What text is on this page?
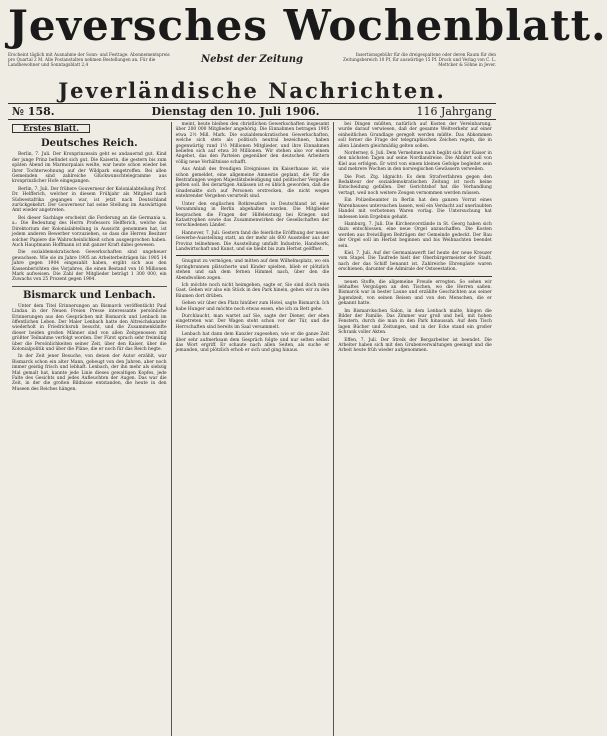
Jeversches Wochenblatt.
Erscheint täglich mit Ausnahme der Sonn- und Festtage. Abonnementspreis pro Quartal 2 M. Alle Postanstalten nehmen Bestellungen an. Für die Landbewohner und Sonntagsblatt 2,4	Nebst der Zeitung	Insertionsgebühr für die dreigespaltene oder deren Raum für den Zeitungsbereich 10 Pf, für auswärtige 15 Pf. Druck und Verlag von C. L. Mettcker & Söhne in Jever.
Jeverländische Nachrichten.
№ 158.	Dienstag den 10. Juli 1906.	116 Jahrgang
Erstes Blatt.
Deutsches Reich.

Berlin, 7. Juli. Der Kronprinzessin geht es andauernd gut. Kind der junge Prinz befindet sich gut. Die Kaiserin, die gestern bis zum späten Abend im Marmorpalais weilte, war heute schon wieder bei ihrer Tochterwohnung auf der Wildpark eingetroffen. Bei allen Gemeinden sind zahlreiche Glückwunschtelegramme aus kronprinzlicher Hofe eingegangen.

Berlin, 7. Juli. Der frühere Gouverneur der Kolonialabteilung Prof. Dr. Helfferich, welcher in diesem Frühjahr als Mitglied nach Südwestafrika gegangen war, ist jetzt nach Deutschland zurückgekehrt. Der Gouverneur hat seine Stellung im Auswärtigen Amt wieder angetreten.

Bei dieser Sachlage erscheint die Forderung an die Germania u. a.: Die Bedeutung des Herrn Professors Helfferich, welche das Direktorium der Kolonialabteilung in Aussicht genommen hat, ist jedem anderen Bewerber vorzuziehen, so dass die Herren Besitzer solcher Papiere die Wahrscheinlichkeit schon ausgesprochen haben. Auch Hauptmann Hoffmann ist mit ganzer Kraft dabei gewesen.

Die sozialdemokratischen Gewerkschaften sind ungeheuer gewachsen. Wie sie im Jahre 1905 an Arbeiterbeiträgen bis 1905 14 Jahre gegen 1904 eingezahlt haben, ergibt sich aus den Kassenberichten des Vorjahres, die einen Bestand von 16 Millionen Mark aufweisen. Die Zahl der Mitglieder beträgt 1 300 000, ein Zuwachs von 25 Prozent gegen 1904.

Bismarck und Lenbach.

Unter dem Titel Erinnerungen an Bismarck veröffentlicht Paul Lindau in der Neuen Freien Presse interessante persönliche Erinnerungen aus den Gesprächen mit Bismarck und Lenbach im öffentlichen Leben. Der Maler Lenbach hatte den Altreichskanzler wiederholt in Friedrichsruh besucht, und die Zusammenkünfte dieser beiden großen Männer sind von allen Zeitgenossen mit größter Teilnahme verfolgt worden. Der Fürst sprach sehr freimütig über die Persönlichkeiten seiner Zeit, über den Kaiser, über die Kolonialpolitik und über die Pläne, die er noch für das Reich hegte.

In der Zeit jener Besuche, von denen der Autor erzählt, war Bismarck schon ein alter Mann, gebeugt von den Jahren, aber noch immer geistig frisch und lebhaft. Lenbach, der ihn mehr als siebzig Mal gemalt hat, kannte jede Linie dieses gewaltigen Kopfes, jede Falte des Gesichts und jedes Aufleuchten der Augen. Das war die Zeit, in der die großen Bildnisse entstanden, die heute in den Museen des Reiches hängen.

meint, heute bleiben den christlichen Gewerkschaften insgesamt über 200 000 Mitglieder angehörig. Die Einnahmen betragen 1905 etwa 2½ Mill. Mark. Die sozialdemokratischen Gewerkschaften, welche sich stets als politisch neutral bezeichnen, haben gegenwärtig rund 1½ Millionen Mitglieder, und ihre Einnahmen beliefen sich auf etwa 30 Millionen. Wir stehen also vor einem Angebot, das den Parteien gegenüber den deutschen Arbeitern völlig neue Verhältnisse schafft.

Aus Anlaß des freudigen Ereignisses im Kaiserhause ist, wie schon gemeldet, eine allgemeine Amnestie geplant, die für die Bestrafungen wegen Majestätsbeleidigung und politischer Vergehen gelten soll. Bei derartigen Anlässen ist es üblich geworden, daß die Gnadenakte sich auf Personen erstrecken, die nicht wegen entehrender Vergehen verurteilt sind.

Unter den englischen Rotkreuzlern in Deutschland ist eine Versammlung in Berlin abgehalten worden. Die Mitglieder besprachen die Fragen der Hilfeleistung bei Kriegen und Katastrophen sowie das Zusammenwirken der Gesellschaften der verschiedenen Länder.

Hannover, 7. Juli. Gestern fand die feierliche Eröffnung der neuen Gewerbe-Ausstellung statt, an der mehr als 600 Aussteller aus der Provinz teilnehmen. Die Ausstellung umfaßt Industrie, Handwerk, Landwirtschaft und Kunst, und sie bleibt bis zum Herbst geöffnet.

Gnugnut zu vermögen; und mitten auf dem Wilhelmsplatz, wo ein Springbrunnen plätscherte und Kinder spielten, blieb er plötzlich stehen und sah dem fernen Himmel nach, über den die Abendwolken zogen.

Ich möchte noch nicht heimgehen, sagte er, Sie sind doch mein Gast. Gehen wir also ein Stück in den Park hinein, gehen wir zu den Bäumen dort drüben.

Gehen wir über den Platz hinüber zum Hotel, sagte Bismarck. Ich habe Hunger und möchte noch etwas essen, ehe ich zu Bett gehe.

Durchlaucht, man wartet auf Sie, sagte der Diener, der eben eingetreten war. Der Wagen steht schon vor der Tür, und die Herrschaften sind bereits im Saal versammelt.

Lenbach hat dann dem Kanzler zugesehen, wie er die ganze Zeit über sehr aufmerksam dem Gespräch folgte und nur selten selbst das Wort ergriff. Er schaute nach allen Seiten, als suche er jemanden, und plötzlich erhob er sich und ging hinaus.

bei Dingen müßten, natürlich auf Kosten der Vereinbarung, wurde darauf verwiesen, daß der gesamte Weltverkehr auf einer einheitlichen Grundlage geregelt werden müßte. Das Abkommen soll ferner die Frage der telegraphischen Zeichen regeln, die in allen Ländern gleichmäßig gelten sollen.

Norderney, 6. Juli. Dem Vernehmen nach begibt sich der Kaiser in den nächsten Tagen auf seine Nordlandreise. Die Abfahrt soll von Kiel aus erfolgen. Er wird von einem kleinen Gefolge begleitet sein und mehrere Wochen in den norwegischen Gewässern verweilen.

Die Post. Ztg. ldgnicht: Es dem Strafverfahren gegen den Redakteur der sozialdemokratischen Zeitung ist noch keine Entscheidung gefallen. Der Gerichtshof hat die Verhandlung vertagt, weil noch weitere Zeugen vernommen werden müssen.

Ein Polizeibeamter in Berlin hat den ganzen Vorrat eines Warenhauses untersuchen lassen, weil ein Verdacht auf unerlaubten Handel mit verbotenen Waren vorlag. Die Untersuchung hat indessen kein Ergebnis gehabt.

Hamburg, 7. Juli. Die Kirchenvorstände in St. Georg haben sich dazu entschlossen, eine neue Orgel anzuschaffen. Die Kosten werden aus freiwilligen Beiträgen der Gemeinde gedeckt. Der Bau der Orgel soll im Herbst beginnen und bis Weihnachten beendet sein.

Kiel, 7. Juli. Auf der Germaniawerft lief heute der neue Kreuzer vom Stapel. Die Taufrede hielt der Oberbürgermeister der Stadt, nach der das Schiff benannt ist. Zahlreiche Ehrengäste waren erschienen, darunter die Admirale der Ostseestation.

neuen Stoffe, die allgemeine Freude erregten. So sehen wir lebhaftes Vergnügen an den Tischen, wo die Herren saßen. Bismarck war in bester Laune und erzählte Geschichten aus seiner Jugendzeit, von seinen Reisen und von den Menschen, die er gekannt hatte.

Im Bismarckschen Salon, in dem Lenbach malte, hingen die Bilder der Familie. Das Zimmer war groß und hell, mit hohen Fenstern, durch die man in den Park hinaussah. Auf dem Tisch lagen Bücher und Zeitungen, und in der Ecke stand ein großer Schrank voller Akten.

Effen, 7. Juli. Der Streik der Bergarbeiter ist beendet. Die Arbeiter haben sich mit den Grubenverwaltungen geeinigt und die Arbeit heute früh wieder aufgenommen.
